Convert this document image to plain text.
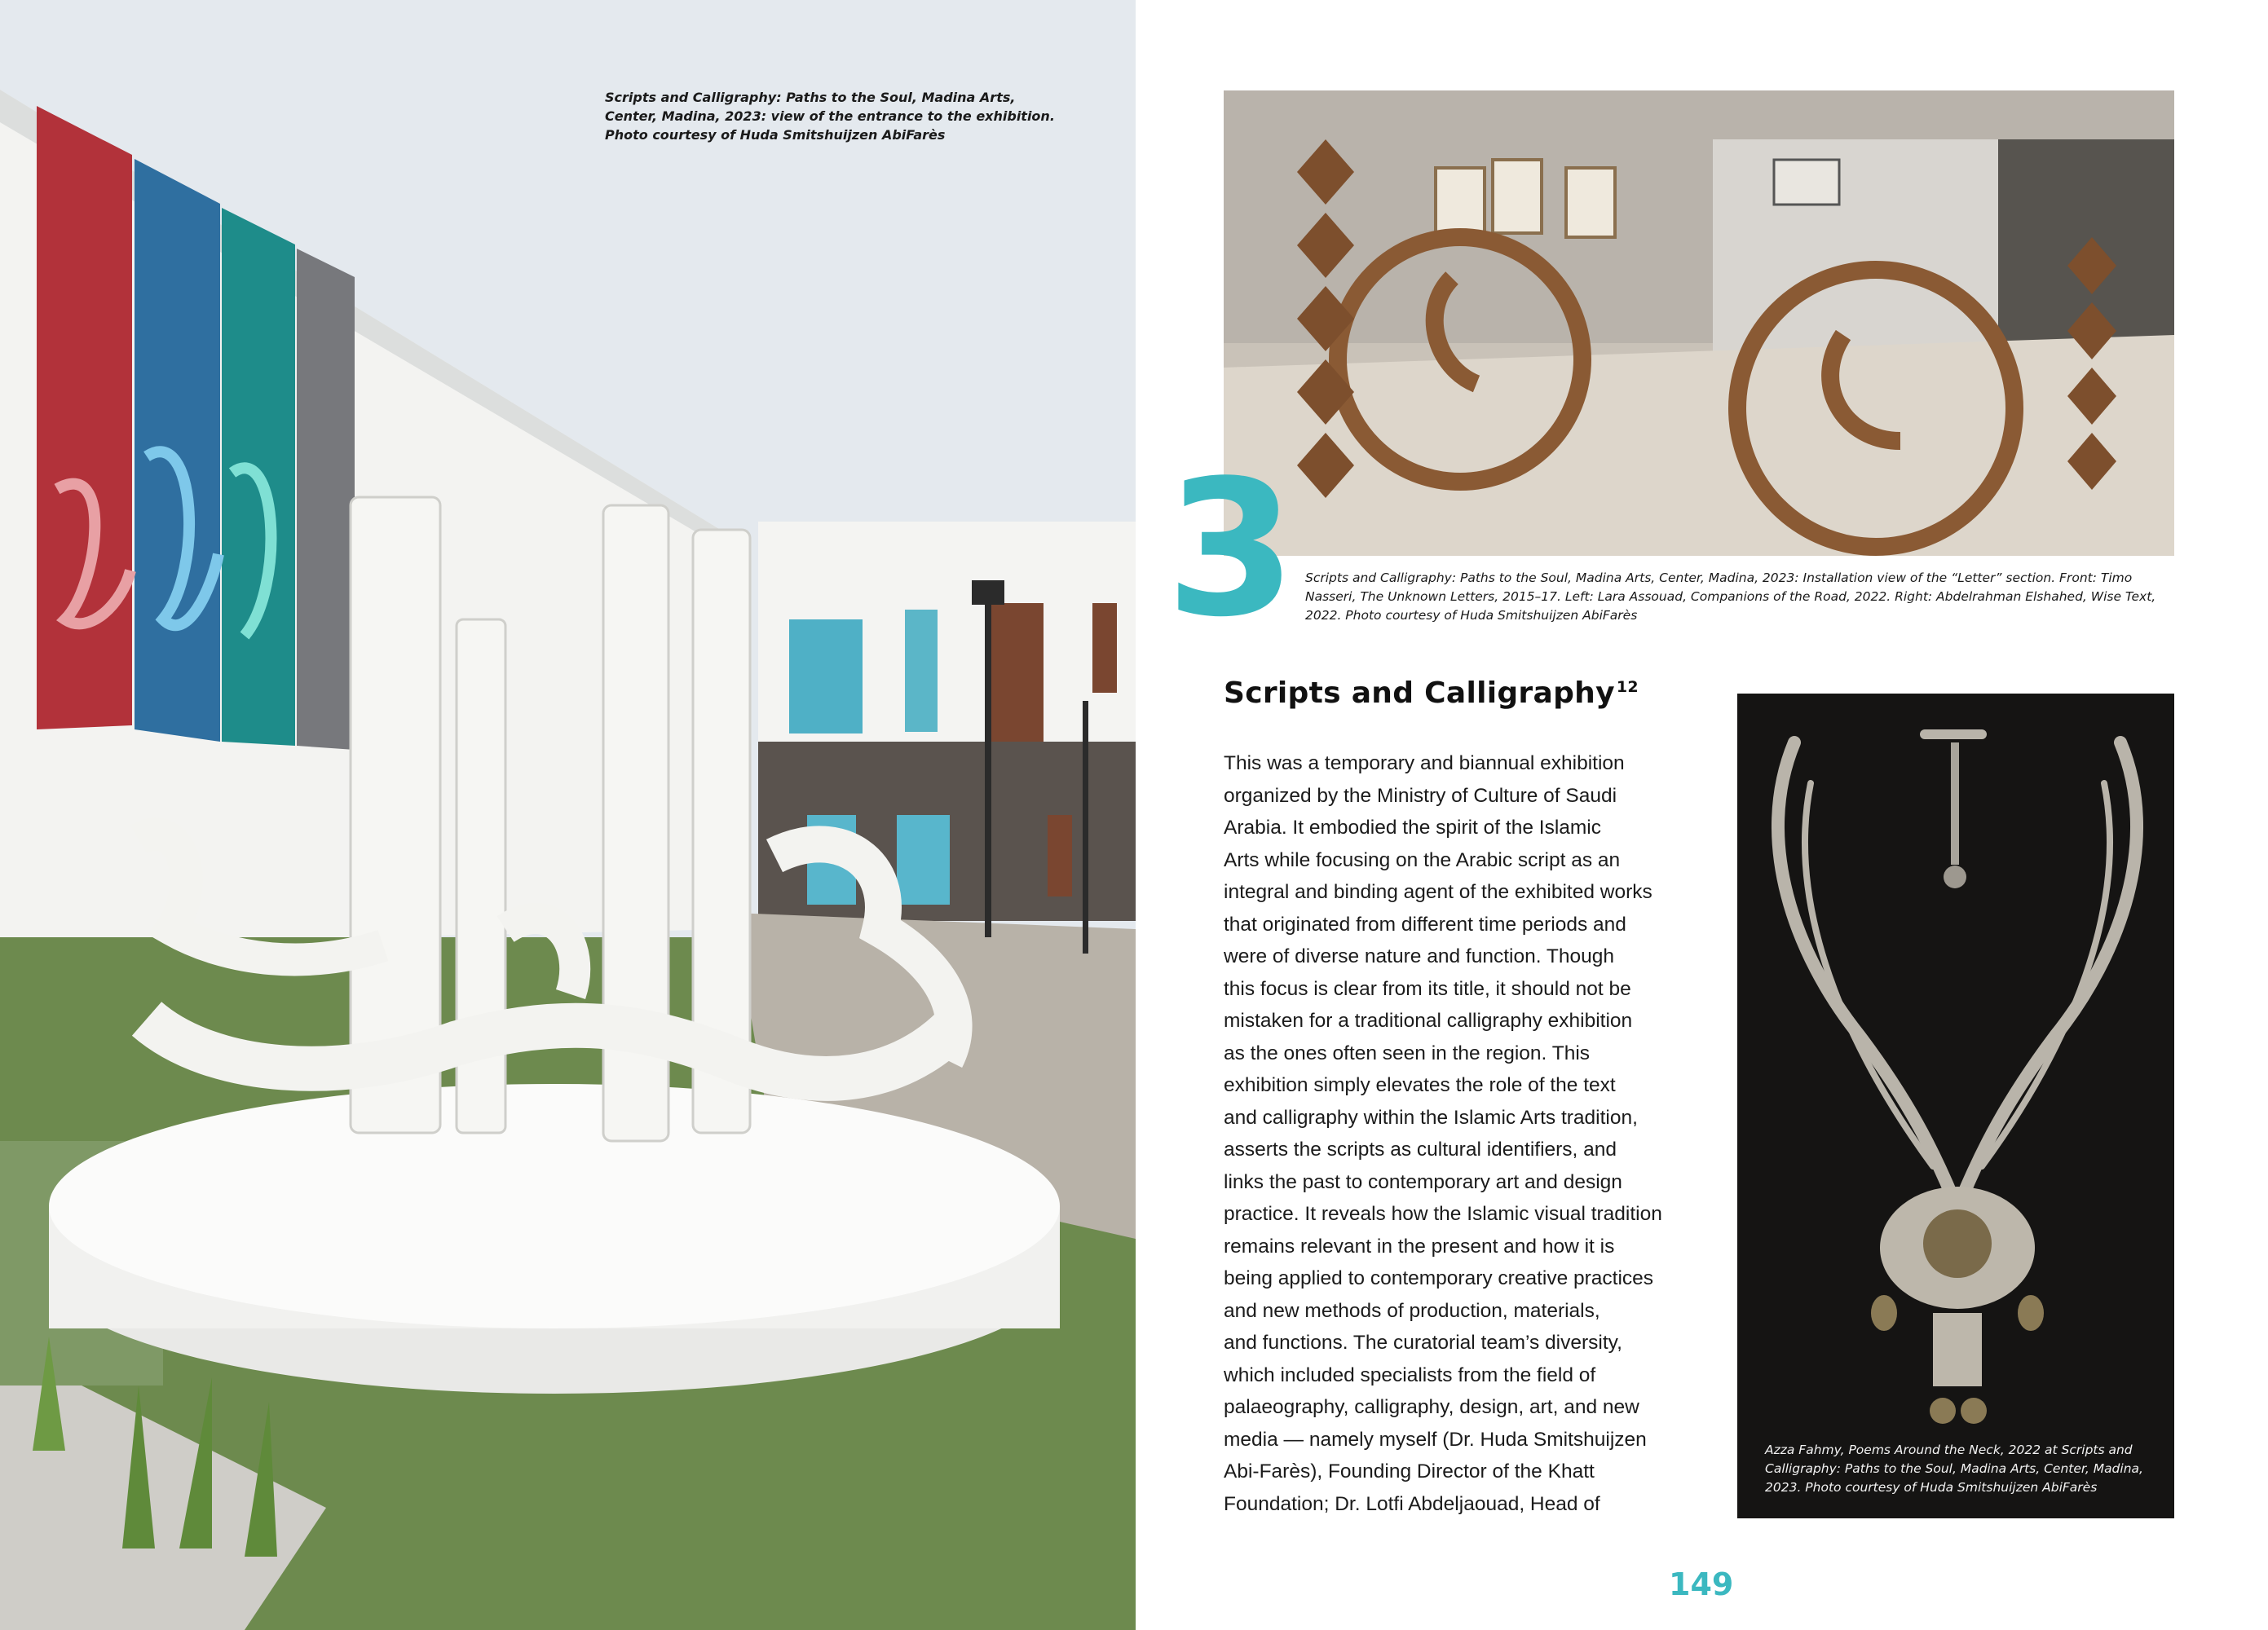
Scripts and Calligraphy: Paths to the Soul, Madina Arts,
Center, Madina, 2023: view of the entrance to the exhibition.
Photo courtesy of Huda Smitshuijzen AbiFarès
3 Scripts and Calligraphy: Paths to the Soul, Madina Arts, Center, Madina, 2023: Installation view of the “Letter” section. Front: Timo Nasseri, The Unknown Letters, 2015–17. Left: Lara Assouad, Companions of the Road, 2022. Right: Abdelrahman Elshahed, Wise Text, 2022. Photo courtesy of Huda Smitshuijzen AbiFarès
Scripts and Calligraphy $^{12}$
This was a temporary and biannual exhibition
organized by the Ministry of Culture of Saudi
Arabia. It embodied the spirit of the Islamic
Arts while focusing on the Arabic script as an
integral and binding agent of the exhibited works
that originated from different time periods and
were of diverse nature and function. Though
this focus is clear from its title, it should not be
mistaken for a traditional calligraphy exhibition
as the ones often seen in the region. This
exhibition simply elevates the role of the text
and calligraphy within the Islamic Arts tradition,
asserts the scripts as cultural identifiers, and
links the past to contemporary art and design
practice. It reveals how the Islamic visual tradition
remains relevant in the present and how it is
being applied to contemporary creative practices
and new methods of production, materials,
and functions. The curatorial team’s diversity,
which included specialists from the field of
palaeography, calligraphy, design, art, and new
media — namely myself (Dr. Huda Smitshuijzen
Abi-Farès), Founding Director of the Khatt
Foundation; Dr. Lotfi Abdeljaouad, Head of
Azza Fahmy, Poems Around the Neck, 2022 at Scripts and Calligraphy: Paths to the Soul, Madina Arts, Center, Madina, 2023. Photo courtesy of Huda Smitshuijzen AbiFarès
149
